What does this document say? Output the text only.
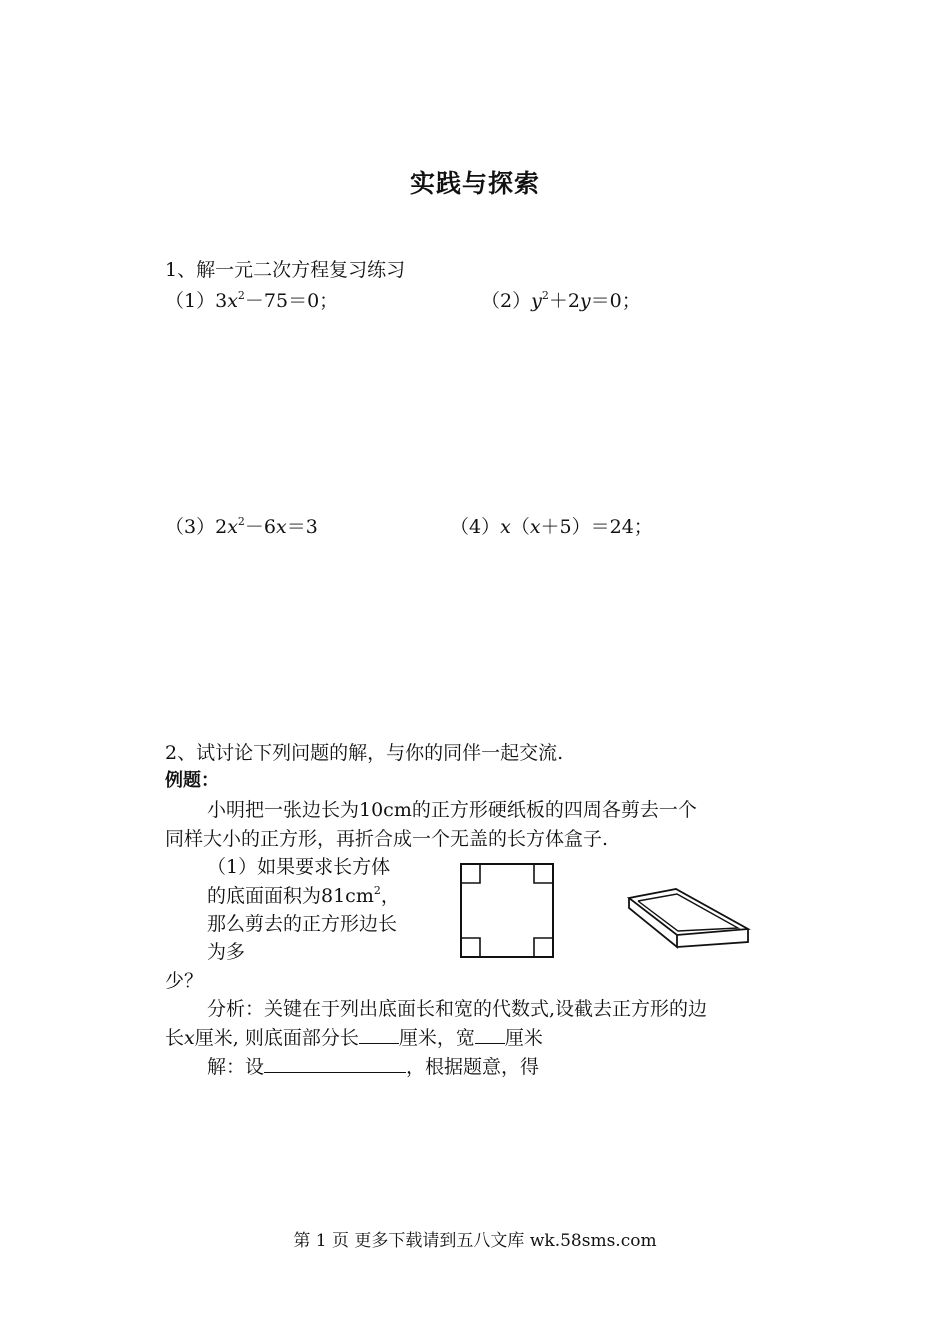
实践与探索
1、解一元二次方程复习练习
$(1)3x^2-75=0$；	$(2)y^2+2y=0$；
$(3)2x^2-6x=3$	（4）x（x＋5）＝24；
2、试讨论下列问题的解，与你的同伴一起交流.
例题：
小明把一张边长为10cm的正方形硬纸板的四周各剪去一个
同样大小的正方形，再折合成一个无盖的长方体盒子.
（1）如果要求长方体
的底面面积为$81cm^2$，
那么剪去的正方形边长
为多
少？
分析：关键在于列出底面长和宽的代数式,设截去正方形的边
长x厘米, 则底面部分长 厘米，宽 厘米
解：设	，根据题意，得
第 1 页 更多下载请到五八文库 wk.58sms.com
